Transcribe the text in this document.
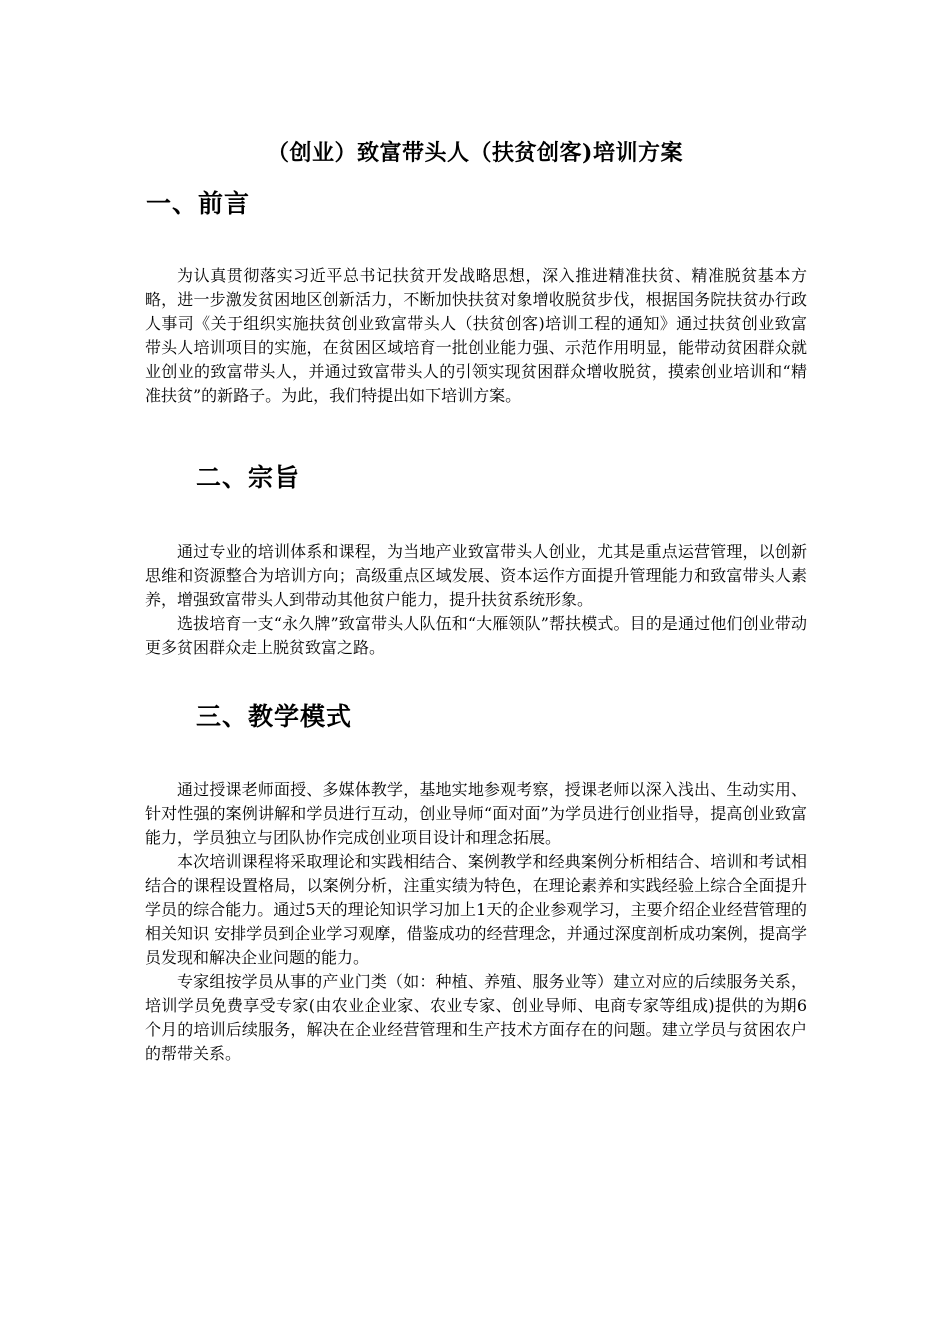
（创业）致富带头人（扶贫创客)培训方案
一、前言

为认真贯彻落实习近平总书记扶贫开发战略思想，深入推进精准扶贫、精准脱贫基本方略，进一步激发贫困地区创新活力，不断加快扶贫对象增收脱贫步伐，根据国务院扶贫办行政人事司《关于组织实施扶贫创业致富带头人（扶贫创客)培训工程的通知》通过扶贫创业致富带头人培训项目的实施，在贫困区域培育一批创业能力强、示范作用明显，能带动贫困群众就业创业的致富带头人，并通过致富带头人的引领实现贫困群众增收脱贫，摸索创业培训和“精准扶贫”的新路子。为此，我们特提出如下培训方案。

二、宗旨

通过专业的培训体系和课程，为当地产业致富带头人创业，尤其是重点运营管理，以创新思维和资源整合为培训方向；高级重点区域发展、资本运作方面提升管理能力和致富带头人素养，增强致富带头人到带动其他贫户能力，提升扶贫系统形象。

选拔培育一支“永久牌”致富带头人队伍和“大雁领队”帮扶模式。目的是通过他们创业带动更多贫困群众走上脱贫致富之路。

三、教学模式

通过授课老师面授、多媒体教学，基地实地参观考察，授课老师以深入浅出、生动实用、针对性强的案例讲解和学员进行互动，创业导师“面对面”为学员进行创业指导，提高创业致富能力，学员独立与团队协作完成创业项目设计和理念拓展。

本次培训课程将采取理论和实践相结合、案例教学和经典案例分析相结合、培训和考试相结合的课程设置格局，以案例分析，注重实绩为特色，在理论素养和实践经验上综合全面提升学员的综合能力。通过5天的理论知识学习加上1天的企业参观学习，主要介绍企业经营管理的相关知识 安排学员到企业学习观摩，借鉴成功的经营理念，并通过深度剖析成功案例，提高学员发现和解决企业问题的能力。

专家组按学员从事的产业门类（如：种植、养殖、服务业等）建立对应的后续服务关系，培训学员免费享受专家(由农业企业家、农业专家、创业导师、电商专家等组成)提供的为期6个月的培训后续服务，解决在企业经营管理和生产技术方面存在的问题。建立学员与贫困农户的帮带关系。
